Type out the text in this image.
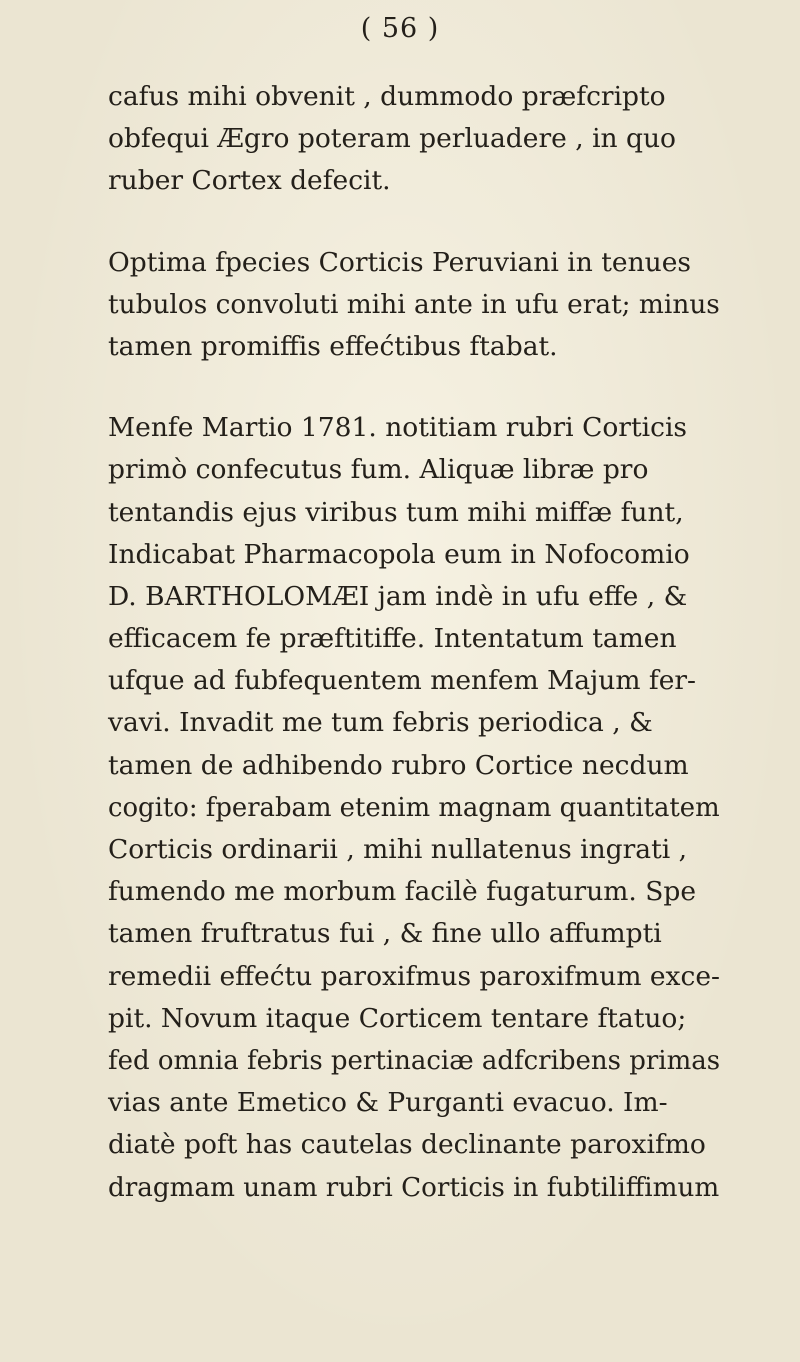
( 56 )

cafus mihi obvenit , dummodo præfcripto
obfequi Ægro poteram perluadere , in quo
ruber Cortex defecit.

Optima fpecies Corticis Peruviani in tenues
tubulos convoluti mihi ante in ufu erat; minus
tamen promiffis effećtibus ftabat.

Menfe Martio 1781. notitiam rubri Corticis
primò confecutus fum. Aliquæ libræ pro
tentandis ejus viribus tum mihi miffæ funt,
Indicabat Pharmacopola eum in Nofocomio
D. BARTHOLOMÆI jam indè in ufu effe , &
efficacem fe præftitiffe. Intentatum tamen
ufque ad fubfequentem menfem Majum fer-
vavi. Invadit me tum febris periodica , &
tamen de adhibendo rubro Cortice necdum
cogito: fperabam etenim magnam quantitatem
Corticis ordinarii , mihi nullatenus ingrati ,
fumendo me morbum facilè fugaturum. Spe
tamen fruftratus fui , & fine ullo affumpti
remedii effećtu paroxifmus paroxifmum exce-
pit. Novum itaque Corticem tentare ftatuo;
fed omnia febris pertinaciæ adfcribens primas
vias ante Emetico & Purganti evacuo. Im-
diatè poft has cautelas declinante paroxifmo
dragmam unam rubri Corticis in fubtiliffimum
